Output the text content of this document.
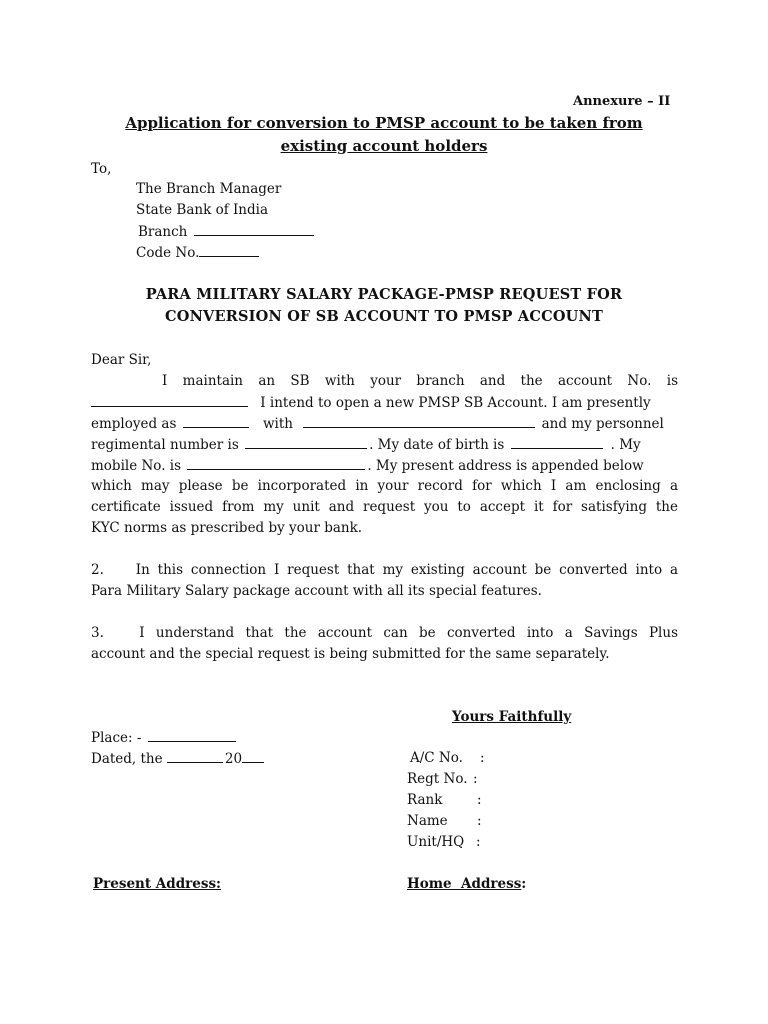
Annexure – II
Application for conversion to PMSP account to be taken from
existing account holders
To,
The Branch Manager
State Bank of India
Branch
Code No.
PARA MILITARY SALARY PACKAGE-PMSP REQUEST FOR
CONVERSION OF SB ACCOUNT TO PMSP ACCOUNT
Dear Sir,
I maintain an SB with your branch and the account No. is
I intend to open a new PMSP SB Account. I am presently
employed as	with	and my personnel
regimental number is	. My date of birth is	. My
mobile No. is	. My present address is appended below
which may please be incorporated in your record for which I am enclosing a
certificate issued from my unit and request you to accept it for satisfying the
KYC norms as prescribed by your bank.
2. In this connection I request that my existing account be converted into a
Para Military Salary package account with all its special features.
3.	I understand that the account can be converted into a Savings Plus
account and the special request is being submitted for the same separately.
Yours Faithfully
Place: -
Dated, the	20	A/C No. :
Regt No. :
Rank	:
Name :
Unit/HQ :
Present Address:	Home  Address:
